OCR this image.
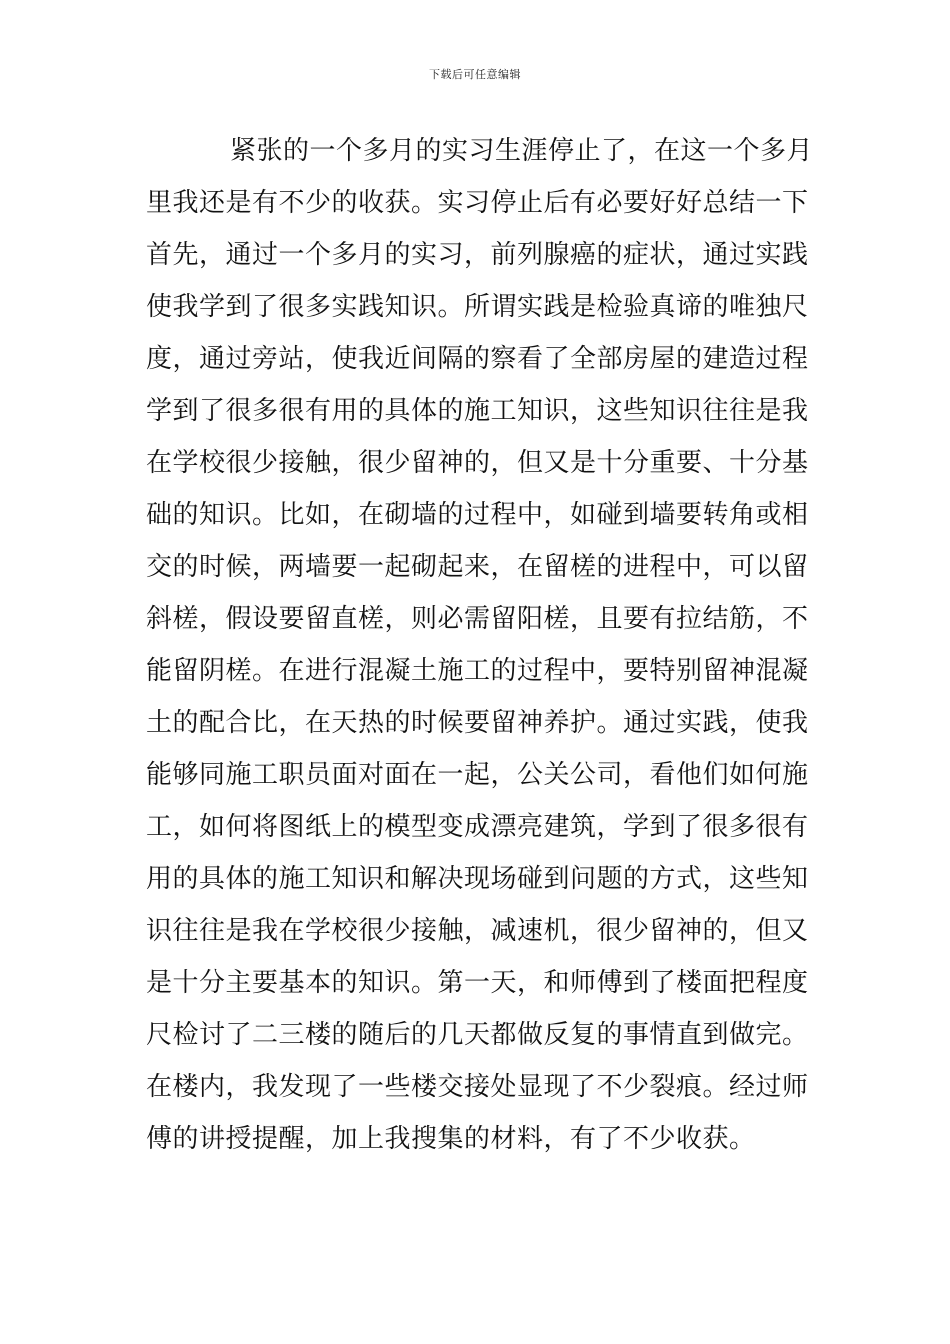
下载后可任意编辑
紧张的一个多月的实习生涯停止了，在这一个多月
里我还是有不少的收获。实习停止后有必要好好总结一下
首先，通过一个多月的实习，前列腺癌的症状，通过实践
使我学到了很多实践知识。所谓实践是检验真谛的唯独尺
度，通过旁站，使我近间隔的察看了全部房屋的建造过程
学到了很多很有用的具体的施工知识，这些知识往往是我
在学校很少接触，很少留神的，但又是十分重要、十分基
础的知识。比如，在砌墙的过程中，如碰到墙要转角或相
交的时候，两墙要一起砌起来，在留槎的进程中，可以留
斜槎，假设要留直槎，则必需留阳槎，且要有拉结筋，不
能留阴槎。在进行混凝土施工的过程中，要特别留神混凝
土的配合比，在天热的时候要留神养护。通过实践，使我
能够同施工职员面对面在一起，公关公司，看他们如何施
工，如何将图纸上的模型变成漂亮建筑，学到了很多很有
用的具体的施工知识和解决现场碰到问题的方式，这些知
识往往是我在学校很少接触，减速机，很少留神的，但又
是十分主要基本的知识。第一天，和师傅到了楼面把程度
尺检讨了二三楼的随后的几天都做反复的事情直到做完。
在楼内，我发现了一些楼交接处显现了不少裂痕。经过师
傅的讲授提醒，加上我搜集的材料，有了不少收获。
